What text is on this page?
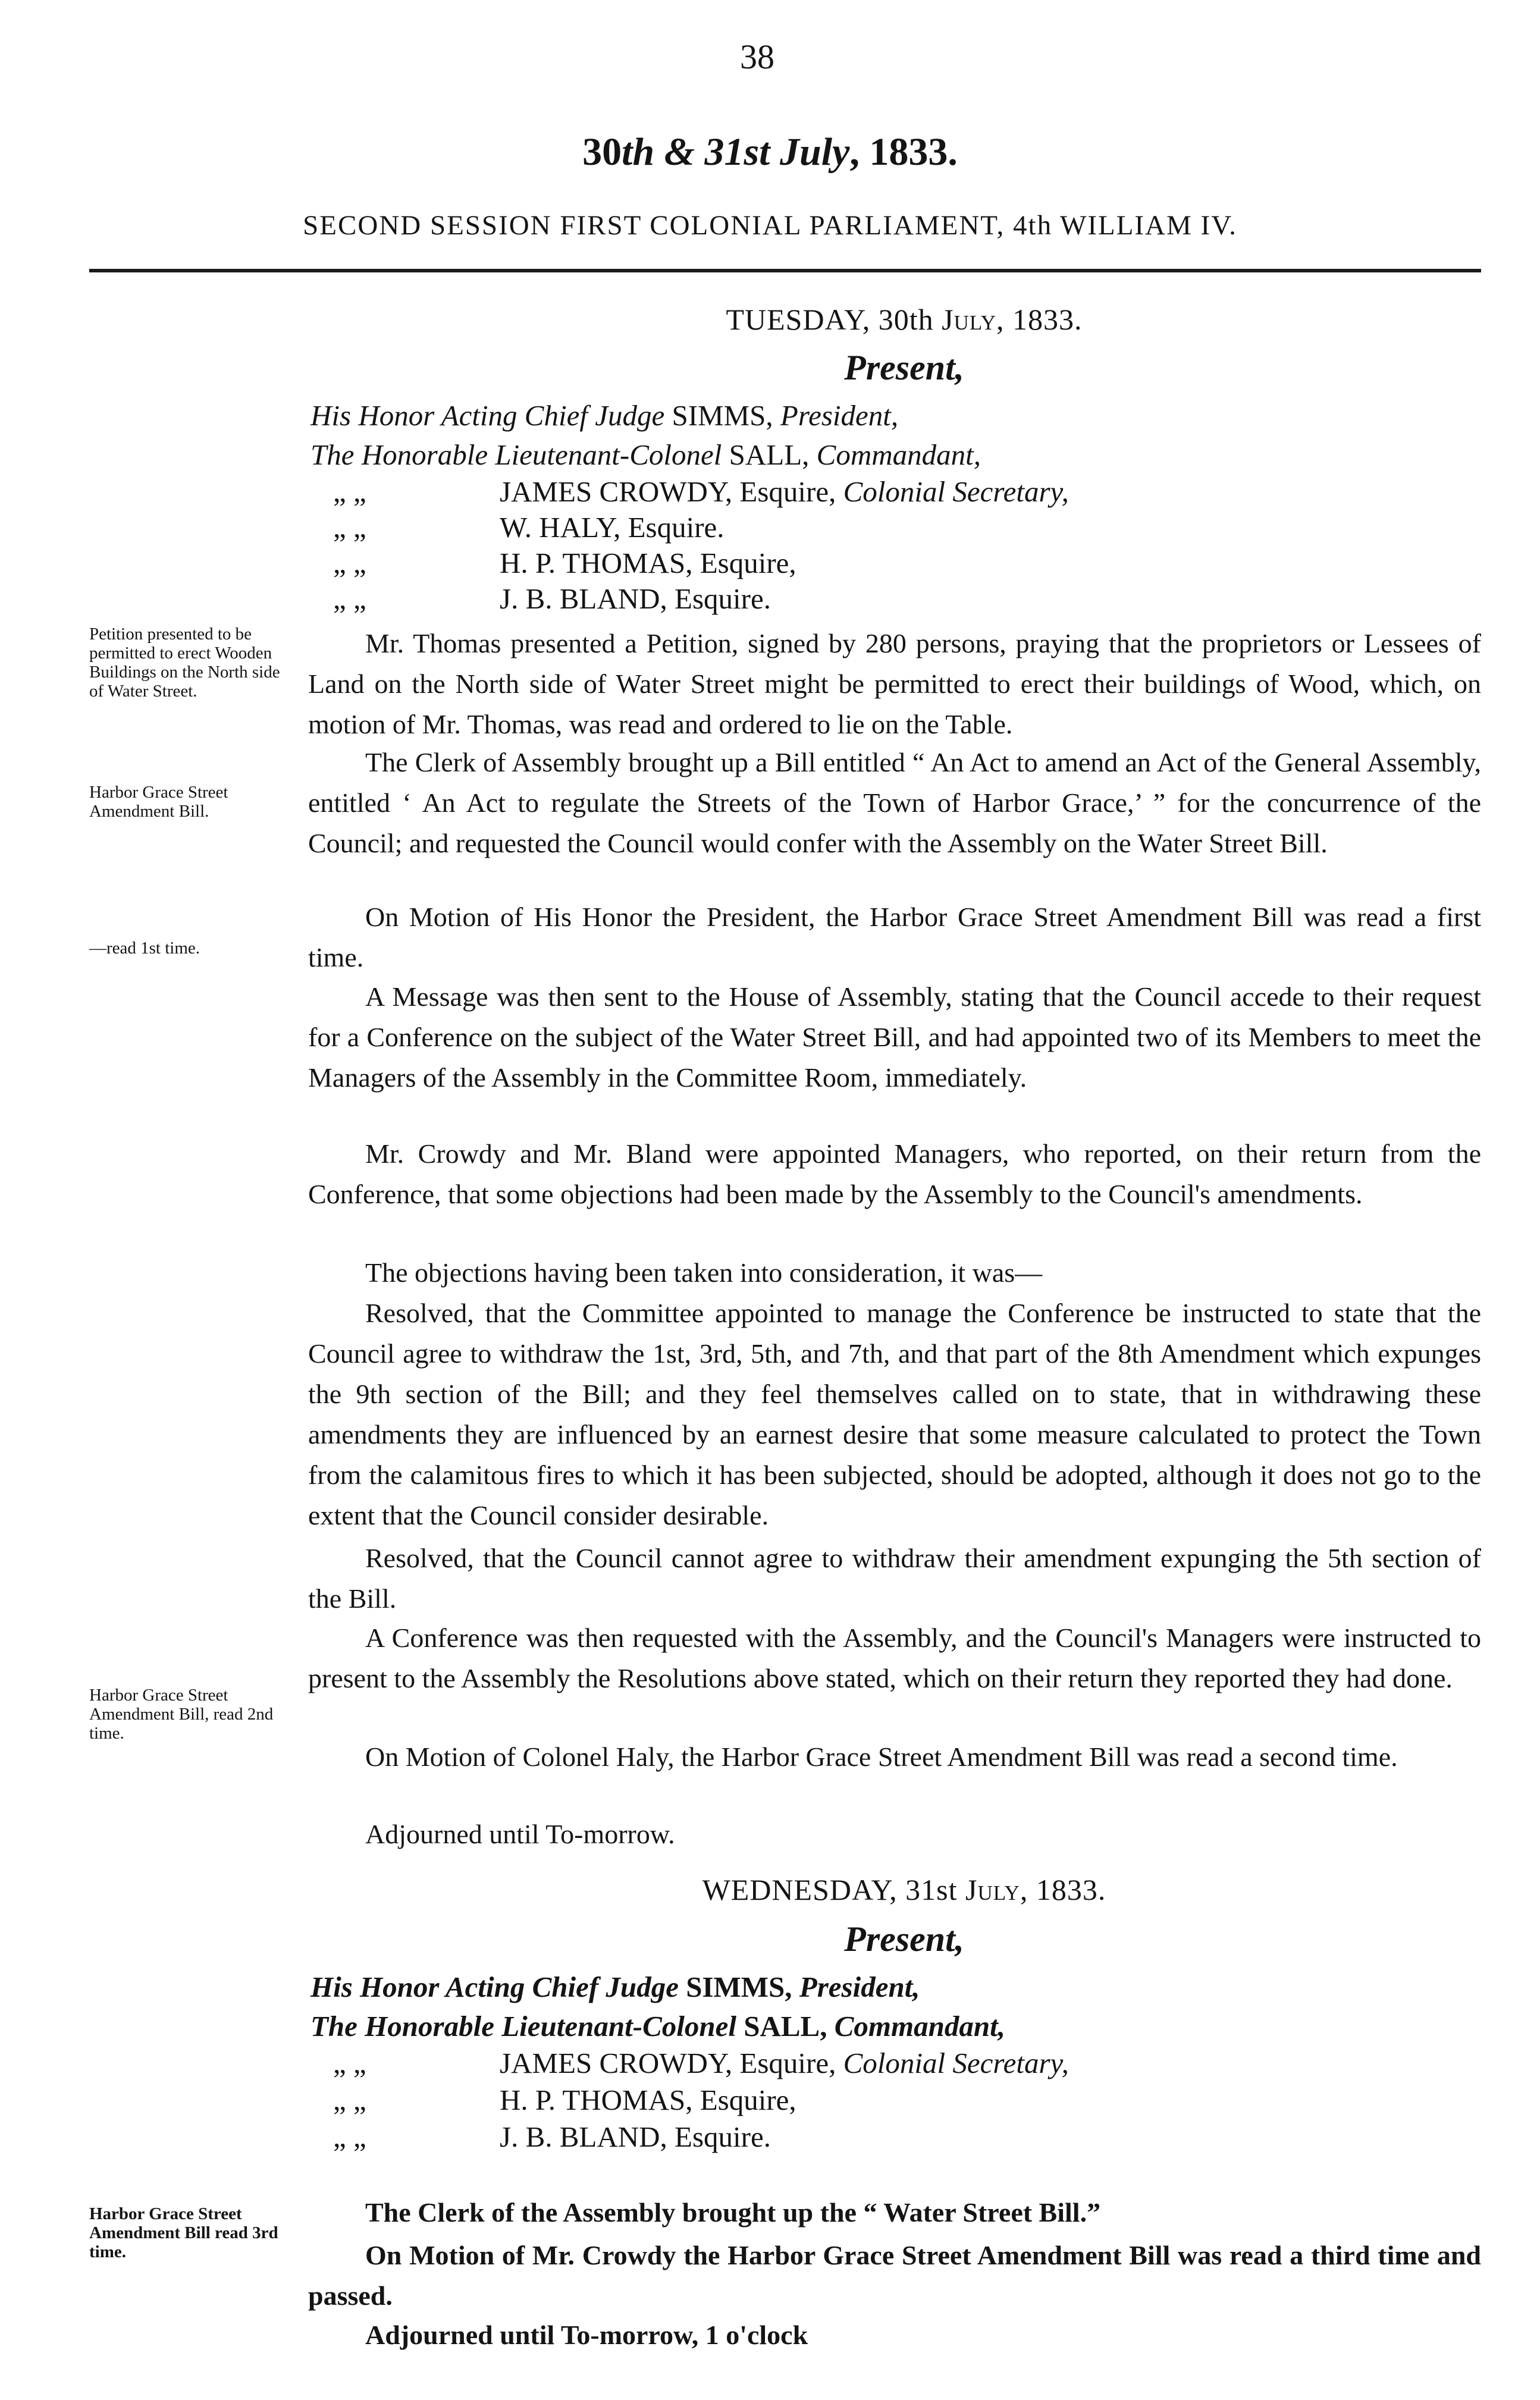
38
30th & 31st July, 1833.
SECOND SESSION FIRST COLONIAL PARLIAMENT, 4th WILLIAM IV.
TUESDAY, 30th July, 1833.
Present,
His Honor Acting Chief Judge SIMMS, President,
The Honorable Lieutenant-Colonel SALL, Commandant,
„ „	JAMES CROWDY, Esquire, Colonial Secretary,
„ „	W. HALY, Esquire.
„ „	H. P. THOMAS, Esquire,
„ „	J. B. BLAND, Esquire.
Petition presented to be permitted to erect Wooden Buildings on the North side of Water Street.
Harbor Grace Street Amendment Bill.
—read 1st time.
Harbor Grace Street Amendment Bill, read 2nd time.

Mr. Thomas presented a Petition, signed by 280 persons, praying that the proprietors or Lessees of Land on the North side of Water Street might be permitted to erect their buildings of Wood, which, on motion of Mr. Thomas, was read and ordered to lie on the Table.

The Clerk of Assembly brought up a Bill entitled “ An Act to amend an Act of the General Assembly, entitled ‘ An Act to regulate the Streets of the Town of Harbor Grace,’ ” for the concurrence of the Council; and requested the Council would confer with the Assembly on the Water Street Bill.

On Motion of His Honor the President, the Harbor Grace Street Amendment Bill was read a first time.

A Message was then sent to the House of Assembly, stating that the Council accede to their request for a Conference on the subject of the Water Street Bill, and had appointed two of its Members to meet the Managers of the Assembly in the Committee Room, immediately.

Mr. Crowdy and Mr. Bland were appointed Managers, who reported, on their return from the Conference, that some objections had been made by the Assembly to the Council's amendments.

The objections having been taken into consideration, it was—

Resolved, that the Committee appointed to manage the Conference be instructed to state that the Council agree to withdraw the 1st, 3rd, 5th, and 7th, and that part of the 8th Amendment which expunges the 9th section of the Bill; and they feel themselves called on to state, that in withdrawing these amendments they are influenced by an earnest desire that some measure calculated to protect the Town from the calamitous fires to which it has been subjected, should be adopted, although it does not go to the extent that the Council consider desirable.

Resolved, that the Council cannot agree to withdraw their amendment expunging the 5th section of the Bill.

A Conference was then requested with the Assembly, and the Council's Managers were instructed to present to the Assembly the Resolutions above stated, which on their return they reported they had done.

On Motion of Colonel Haly, the Harbor Grace Street Amendment Bill was read a second time.

Adjourned until To-morrow.

WEDNESDAY, 31st July, 1833.
Present,
His Honor Acting Chief Judge SIMMS, President,
The Honorable Lieutenant-Colonel SALL, Commandant,
„ „	JAMES CROWDY, Esquire, Colonial Secretary,
„ „	H. P. THOMAS, Esquire,
„ „	J. B. BLAND, Esquire.
Harbor Grace Street Amendment Bill read 3rd time.

The Clerk of the Assembly brought up the “ Water Street Bill.”

On Motion of Mr. Crowdy the Harbor Grace Street Amendment Bill was read a third time and passed.

Adjourned until To-morrow, 1 o'clock
